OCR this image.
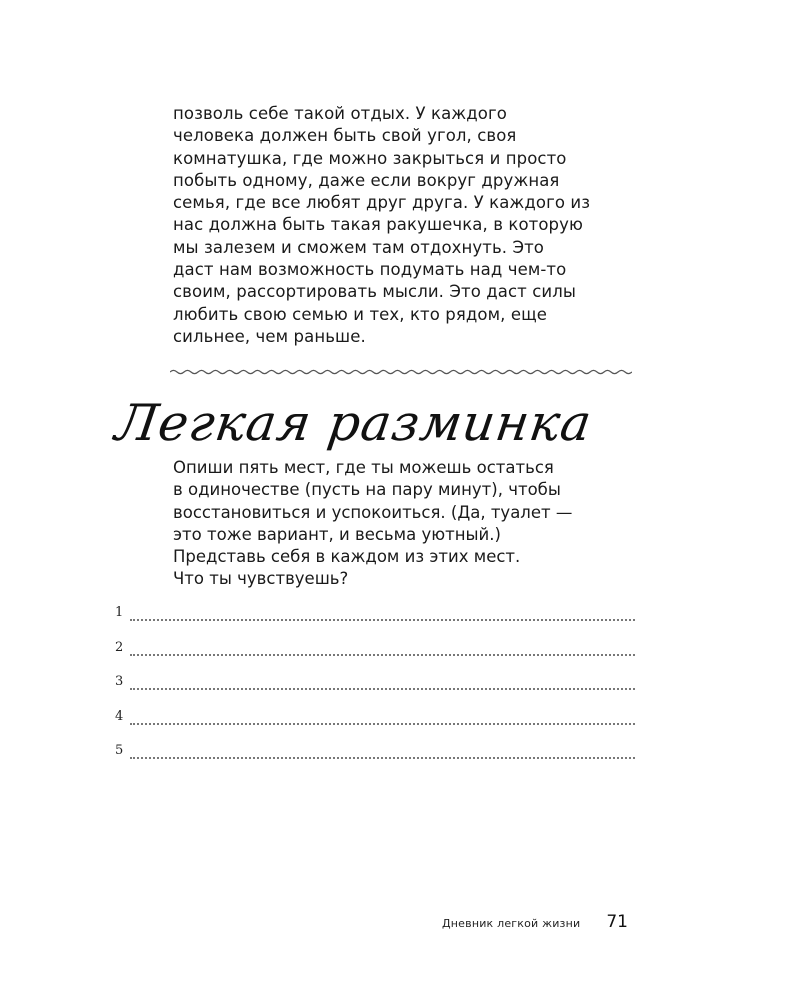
позволь себе такой отдых. У каждого
человека должен быть свой угол, своя
комнатушка, где можно закрыться и просто
побыть одному, даже если вокруг дружная
семья, где все любят друг друга. У каждого из
нас должна быть такая ракушечка, в которую
мы залезем и сможем там отдохнуть. Это
даст нам возможность подумать над чем-то
своим, рассортировать мысли. Это даст силы
любить свою семью и тех, кто рядом, еще
сильнее, чем раньше.
Легкая разминка
Опиши пять мест, где ты можешь остаться
в одиночестве (пусть на пару минут), чтобы
восстановиться и успокоиться. (Да, туалет —
это тоже вариант, и весьма уютный.)
Представь себя в каждом из этих мест.
Что ты чувствуешь?
1
2
3
4
5
Дневник легкой жизни 71
